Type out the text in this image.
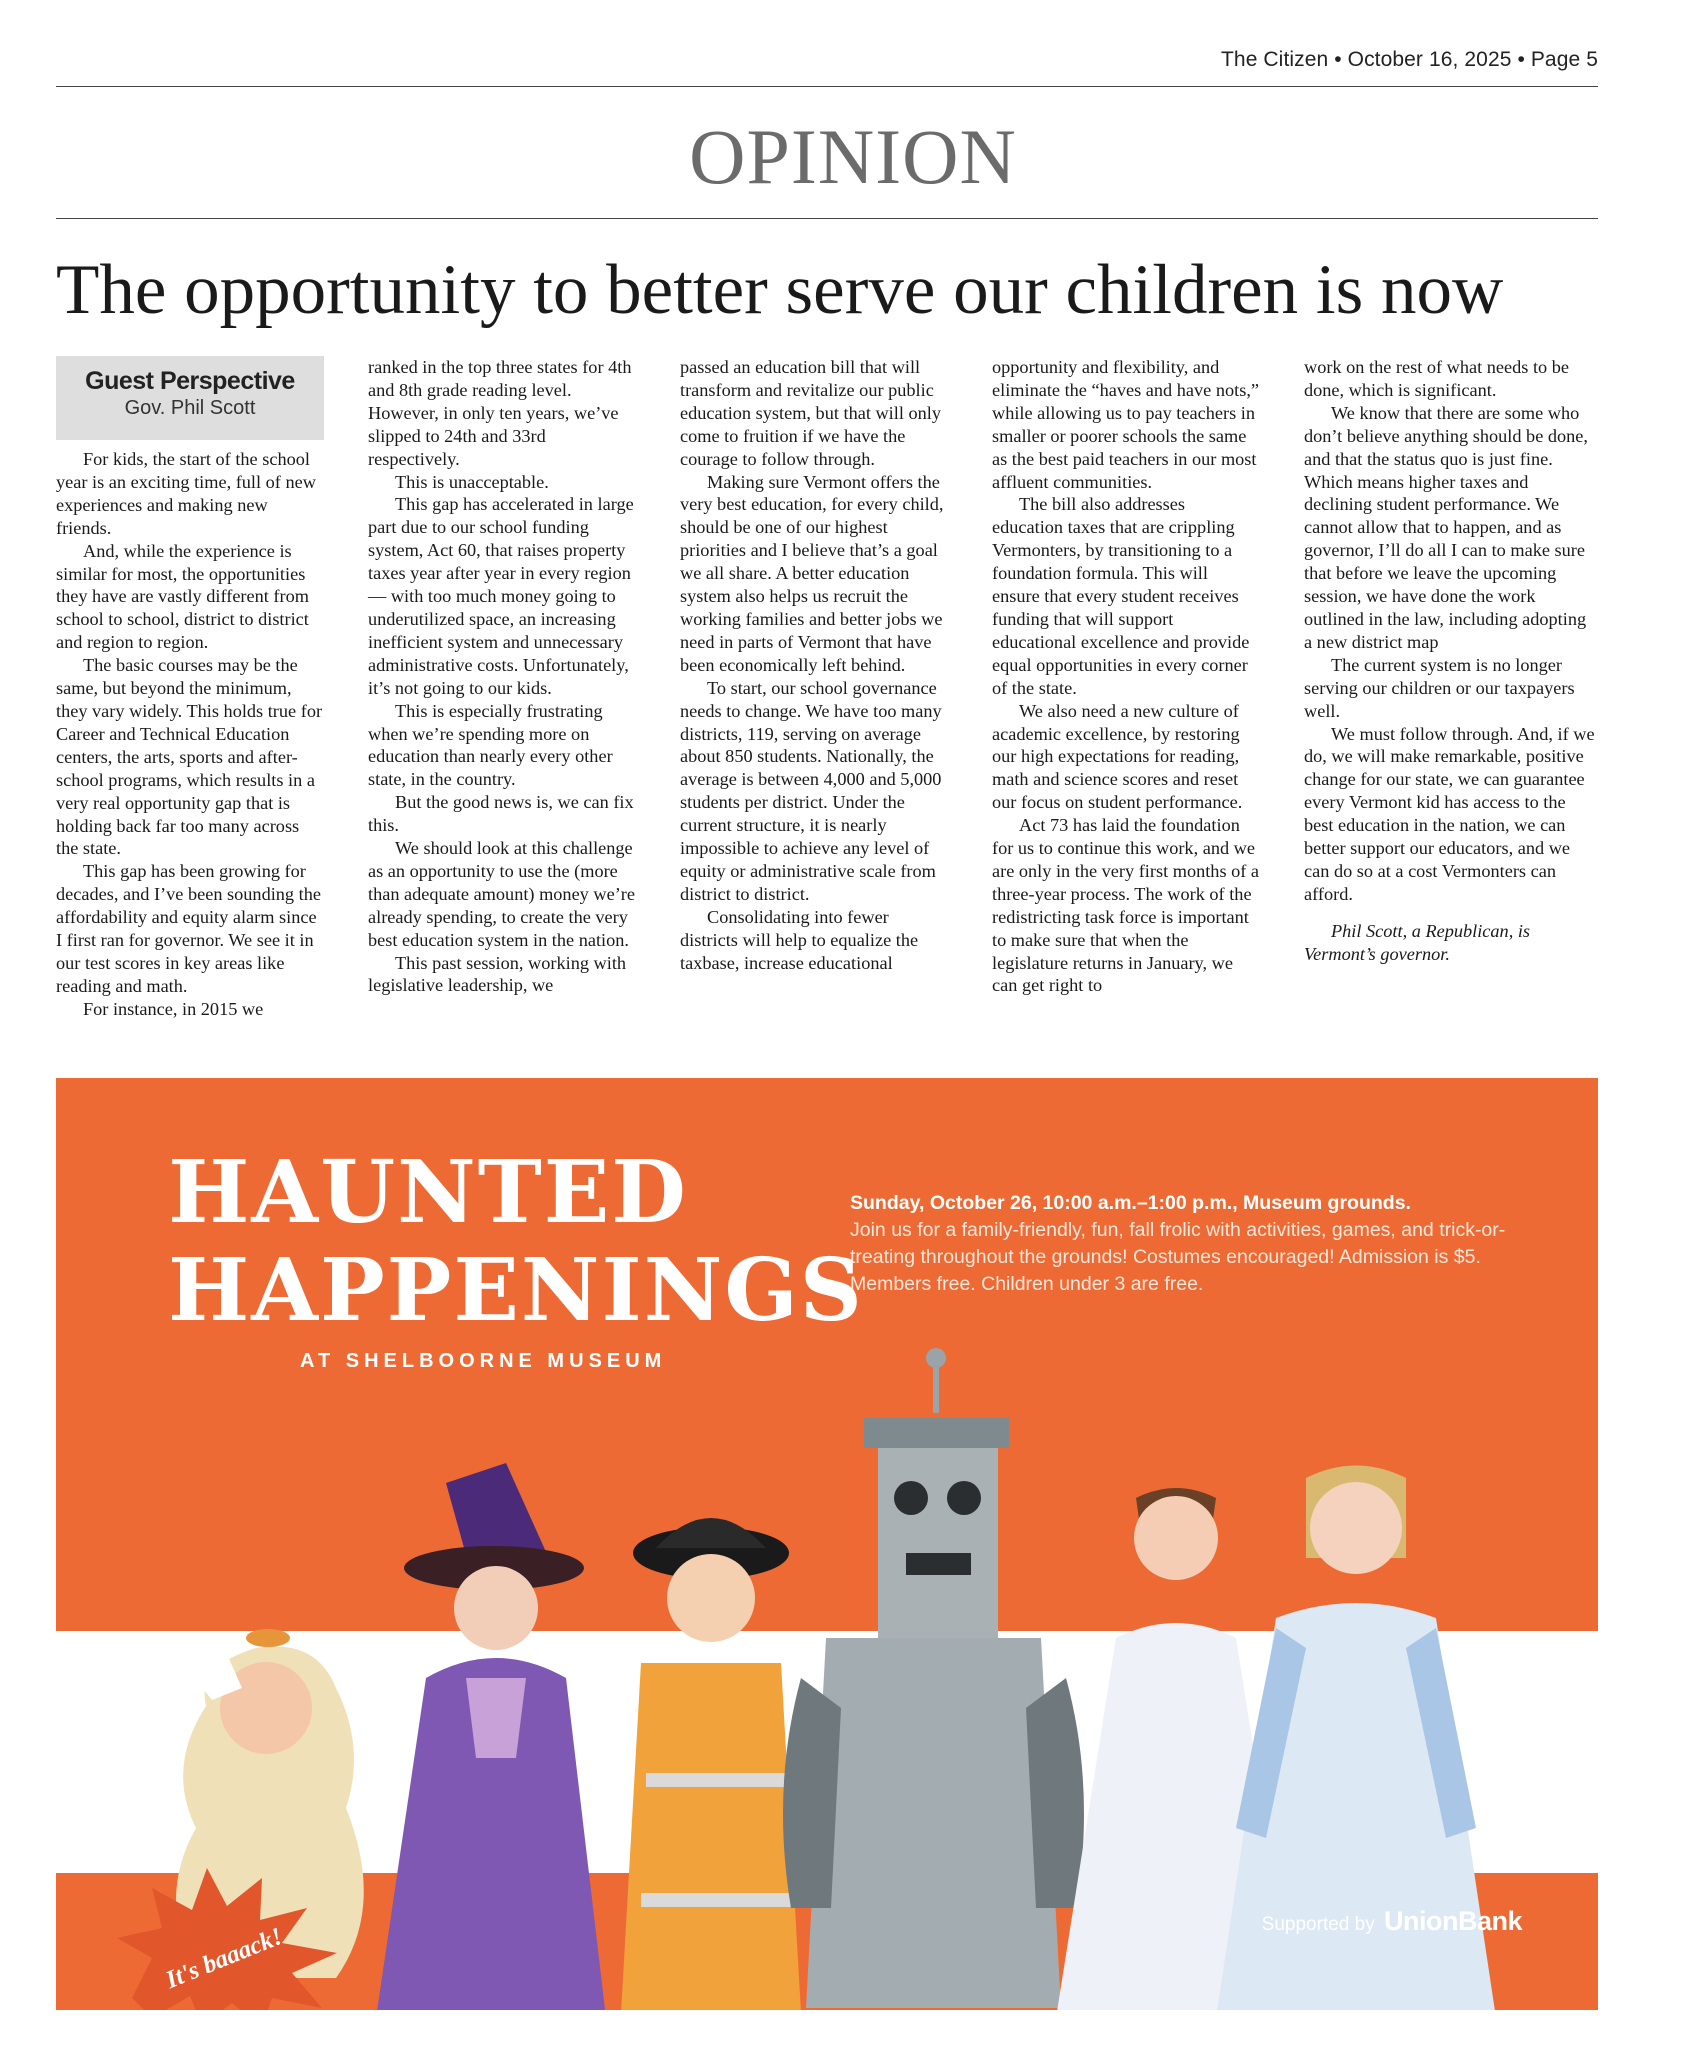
The Citizen • October 16, 2025 • Page 5
OPINION
The opportunity to better serve our children is now
Guest Perspective
Gov. Phil Scott

For kids, the start of the school year is an exciting time, full of new experiences and making new friends.

And, while the experience is similar for most, the opportunities they have are vastly different from school to school, district to district and region to region.

The basic courses may be the same, but beyond the minimum, they vary widely. This holds true for Career and Technical Education centers, the arts, sports and after-school programs, which results in a very real opportunity gap that is holding back far too many across the state.

This gap has been growing for decades, and I’ve been sounding the affordability and equity alarm since I first ran for governor. We see it in our test scores in key areas like reading and math.

For instance, in 2015 we

ranked in the top three states for 4th and 8th grade reading level. However, in only ten years, we’ve slipped to 24th and 33rd respectively.

This is unacceptable.

This gap has accelerated in large part due to our school funding system, Act 60, that raises property taxes year after year in every region — with too much money going to underutilized space, an increasing inefficient system and unnecessary administrative costs. Unfortunately, it’s not going to our kids.

This is especially frustrating when we’re spending more on education than nearly every other state, in the country.

But the good news is, we can fix this.

We should look at this challenge as an opportunity to use the (more than adequate amount) money we’re already spending, to create the very best education system in the nation.

This past session, working with legislative leadership, we

passed an education bill that will transform and revitalize our public education system, but that will only come to fruition if we have the courage to follow through.

Making sure Vermont offers the very best education, for every child, should be one of our highest priorities and I believe that’s a goal we all share. A better education system also helps us recruit the working families and better jobs we need in parts of Vermont that have been economically left behind.

To start, our school governance needs to change. We have too many districts, 119, serving on average about 850 students. Nationally, the average is between 4,000 and 5,000 students per district. Under the current structure, it is nearly impossible to achieve any level of equity or administrative scale from district to district.

Consolidating into fewer districts will help to equalize the taxbase, increase educational

opportunity and flexibility, and eliminate the “haves and have nots,” while allowing us to pay teachers in smaller or poorer schools the same as the best paid teachers in our most affluent communities.

The bill also addresses education taxes that are crippling Vermonters, by transitioning to a foundation formula. This will ensure that every student receives funding that will support educational excellence and provide equal opportunities in every corner of the state.

We also need a new culture of academic excellence, by restoring our high expectations for reading, math and science scores and reset our focus on student performance.

Act 73 has laid the foundation for us to continue this work, and we are only in the very first months of a three-year process. The work of the redistricting task force is important to make sure that when the legislature returns in January, we can get right to

work on the rest of what needs to be done, which is significant.

We know that there are some who don’t believe anything should be done, and that the status quo is just fine. Which means higher taxes and declining student performance. We cannot allow that to happen, and as governor, I’ll do all I can to make sure that before we leave the upcoming session, we have done the work outlined in the law, including adopting a new district map

The current system is no longer serving our children or our taxpayers well.

We must follow through. And, if we do, we will make remarkable, positive change for our state, we can guarantee every Vermont kid has access to the best education in the nation, we can better support our educators, and we can do so at a cost Vermonters can afford.

Phil Scott, a Republican, is Vermont’s governor.

HAUNTED
HAPPENINGS
AT SHELBOORNE MUSEUM
Sunday, October 26, 10:00 a.m.–1:00 p.m., Museum grounds.
Join us for a family-friendly, fun, fall frolic with activities, games, and trick-or-treating throughout the grounds! Costumes encouraged! Admission is $5. Members free. Children under 3 are free.
It's baaack!	Supported by UnionBank
